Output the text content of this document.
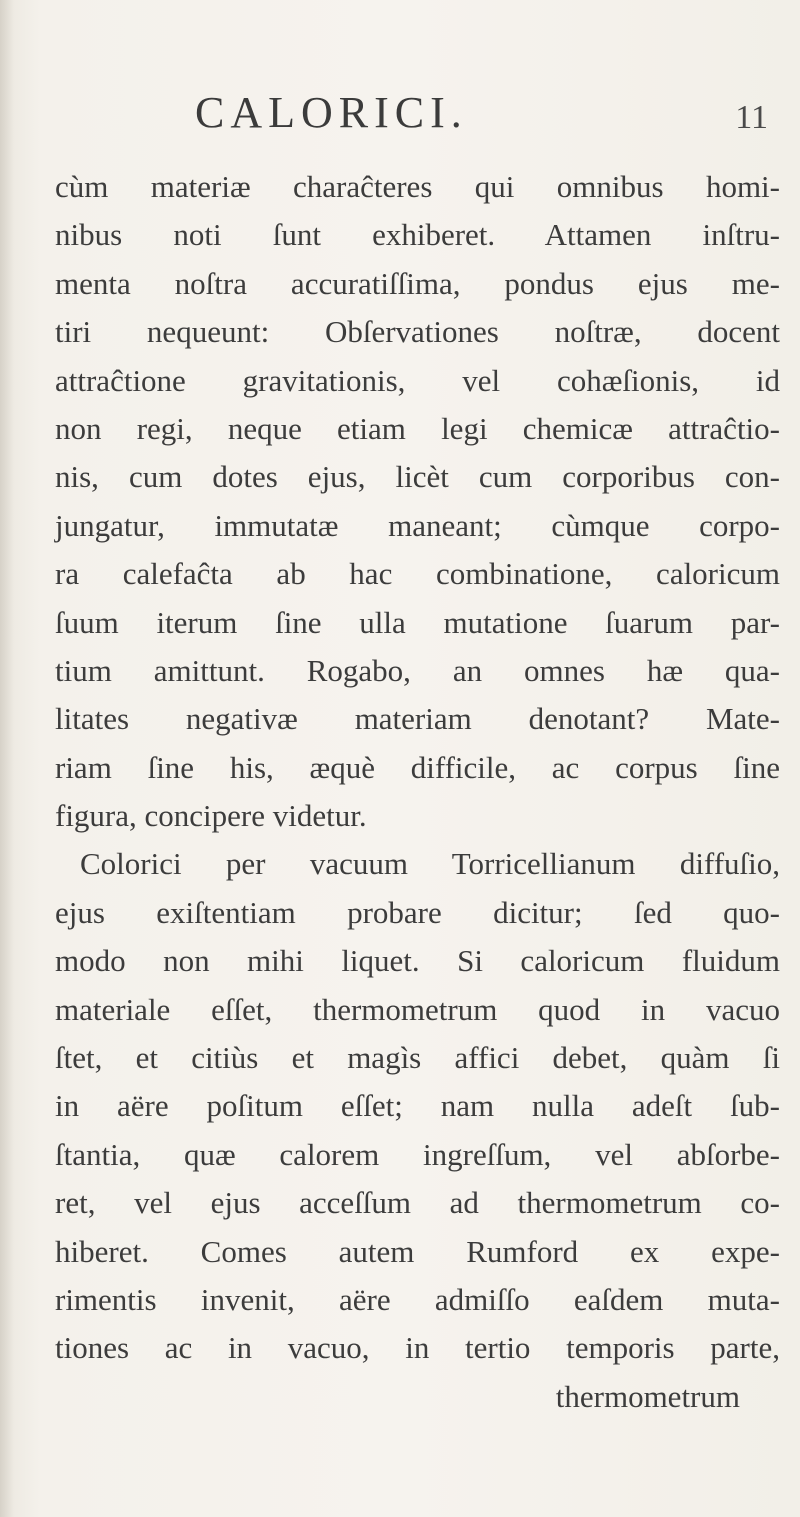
CALORICI.	11
cùm materiæ charaĉteres qui omnibus homi-
nibus noti ſunt exhiberet. Attamen inſtru-
menta noſtra accuratiſſima, pondus ejus me-
tiri nequeunt: Obſervationes noſtræ, docent
attraĉtione gravitationis, vel cohæſionis, id
non regi, neque etiam legi chemicæ attraĉtio-
nis, cum dotes ejus, licèt cum corporibus con-
jungatur, immutatæ maneant; cùmque corpo-
ra calefaĉta ab hac combinatione, caloricum
ſuum iterum ſine ulla mutatione ſuarum par-
tium amittunt. Rogabo, an omnes hæ qua-
litates negativæ materiam denotant? Mate-
riam ſine his, æquè difficile, ac corpus ſine
figura, concipere videtur.
Colorici per vacuum Torricellianum diffuſio,
ejus exiſtentiam probare dicitur; ſed quo-
modo non mihi liquet. Si caloricum fluidum
materiale eſſet, thermometrum quod in vacuo
ſtet, et citiùs et magìs affici debet, quàm ſi
in aëre poſitum eſſet; nam nulla adeſt ſub-
ſtantia, quæ calorem ingreſſum, vel abſorbe-
ret, vel ejus acceſſum ad thermometrum co-
hiberet. Comes autem Rumford ex expe-
rimentis invenit, aëre admiſſo eaſdem muta-
tiones ac in vacuo, in tertio temporis parte,
thermometrum
